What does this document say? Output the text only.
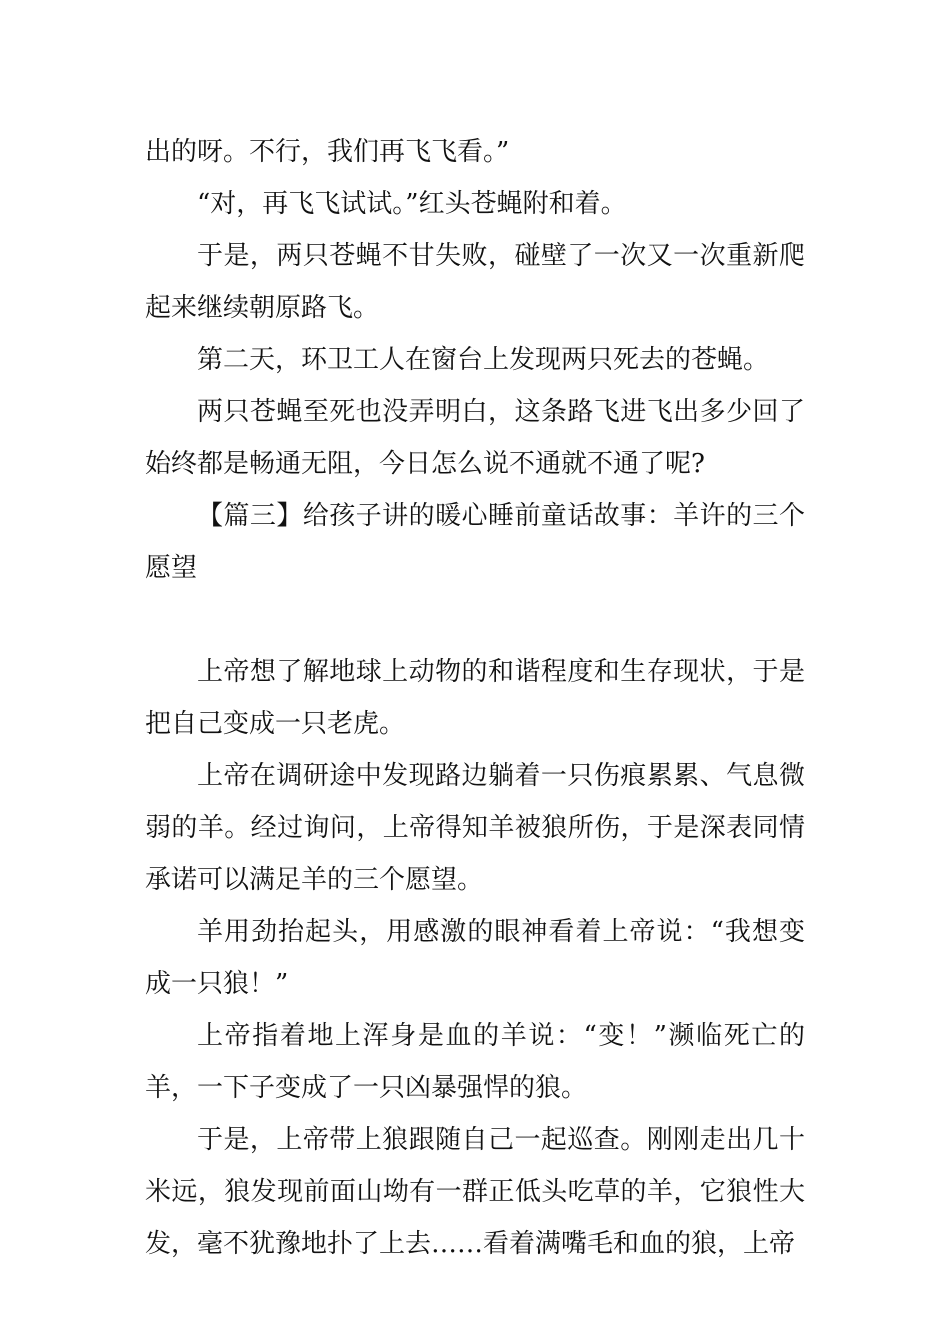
出的呀。不行，我们再飞飞看。”

“对，再飞飞试试。”红头苍蝇附和着。

于是，两只苍蝇不甘失败，碰壁了一次又一次重新爬起来继续朝原路飞。

第二天，环卫工人在窗台上发现两只死去的苍蝇。

两只苍蝇至死也没弄明白，这条路飞进飞出多少回了始终都是畅通无阻，今日怎么说不通就不通了呢?

【篇三】给孩子讲的暖心睡前童话故事：羊许的三个愿望

上帝想了解地球上动物的和谐程度和生存现状，于是把自己变成一只老虎。

上帝在调研途中发现路边躺着一只伤痕累累、气息微弱的羊。经过询问，上帝得知羊被狼所伤，于是深表同情承诺可以满足羊的三个愿望。

羊用劲抬起头，用感激的眼神看着上帝说：“我想变成一只狼！”

上帝指着地上浑身是血的羊说：“变！”濒临死亡的羊，一下子变成了一只凶暴强悍的狼。

于是，上帝带上狼跟随自己一起巡查。刚刚走出几十米远，狼发现前面山坳有一群正低头吃草的羊，它狼性大发，毫不犹豫地扑了上去……看着满嘴毛和血的狼，上帝
